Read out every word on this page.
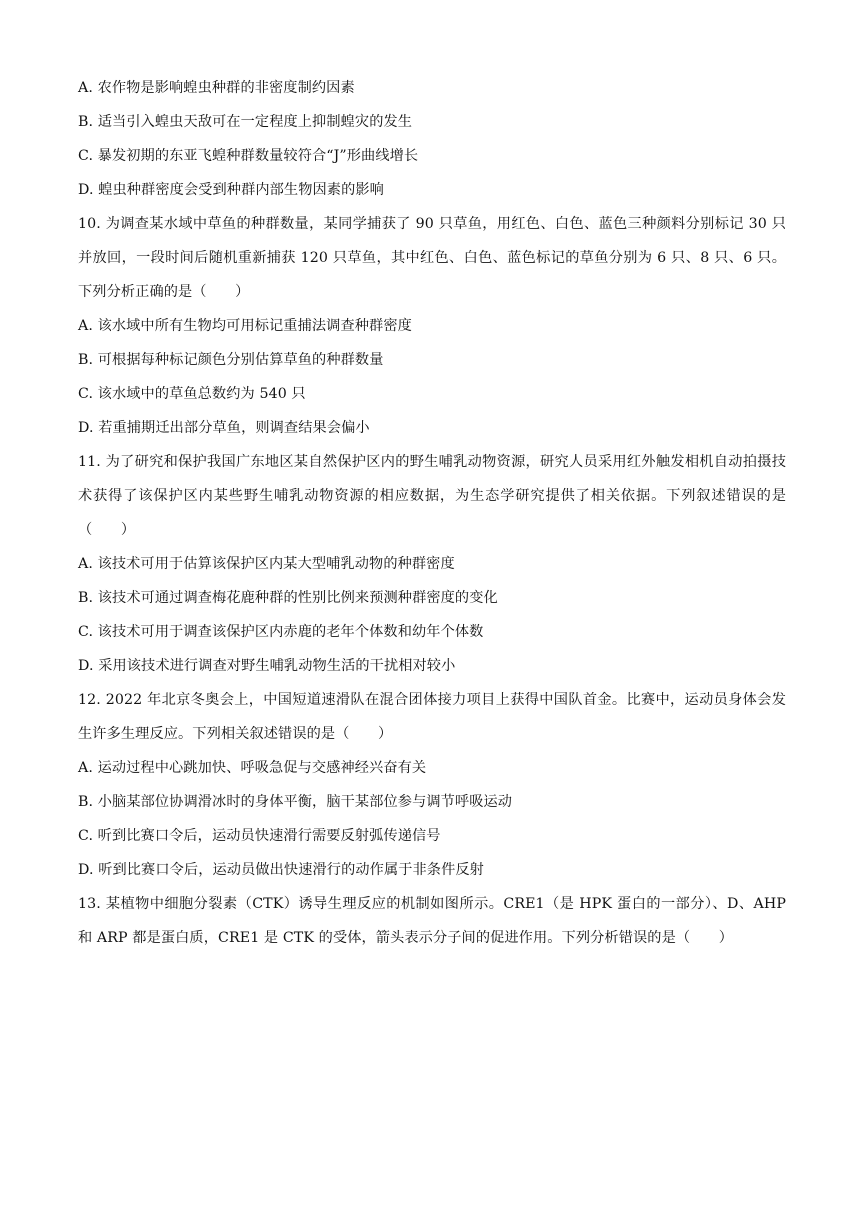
A. 农作物是影响蝗虫种群的非密度制约因素
B. 适当引入蝗虫天敌可在一定程度上抑制蝗灾的发生
C. 暴发初期的东亚飞蝗种群数量较符合“J”形曲线增长
D. 蝗虫种群密度会受到种群内部生物因素的影响

10. 为调查某水域中草鱼的种群数量，某同学捕获了 90 只草鱼，用红色、白色、蓝色三种颜料分别标记 30 只并放回，一段时间后随机重新捕获 120 只草鱼，其中红色、白色、蓝色标记的草鱼分别为 6 只、8 只、6 只。下列分析正确的是（　　）

A. 该水域中所有生物均可用标记重捕法调查种群密度
B. 可根据每种标记颜色分别估算草鱼的种群数量
C. 该水域中的草鱼总数约为 540 只
D. 若重捕期迁出部分草鱼，则调查结果会偏小

11. 为了研究和保护我国广东地区某自然保护区内的野生哺乳动物资源，研究人员采用红外触发相机自动拍摄技术获得了该保护区内某些野生哺乳动物资源的相应数据，为生态学研究提供了相关依据。下列叙述错误的是（　　）

A. 该技术可用于估算该保护区内某大型哺乳动物的种群密度
B. 该技术可通过调查梅花鹿种群的性别比例来预测种群密度的变化
C. 该技术可用于调查该保护区内赤鹿的老年个体数和幼年个体数
D. 采用该技术进行调查对野生哺乳动物生活的干扰相对较小

12. 2022 年北京冬奥会上，中国短道速滑队在混合团体接力项目上获得中国队首金。比赛中，运动员身体会发生许多生理反应。下列相关叙述错误的是（　　）

A. 运动过程中心跳加快、呼吸急促与交感神经兴奋有关
B. 小脑某部位协调滑冰时的身体平衡，脑干某部位参与调节呼吸运动
C. 听到比赛口令后，运动员快速滑行需要反射弧传递信号
D. 听到比赛口令后，运动员做出快速滑行的动作属于非条件反射

13. 某植物中细胞分裂素（CTK）诱导生理反应的机制如图所示。CRE1（是 HPK 蛋白的一部分）、D、AHP 和 ARP 都是蛋白质，CRE1 是 CTK 的受体，箭头表示分子间的促进作用。下列分析错误的是（　　）
